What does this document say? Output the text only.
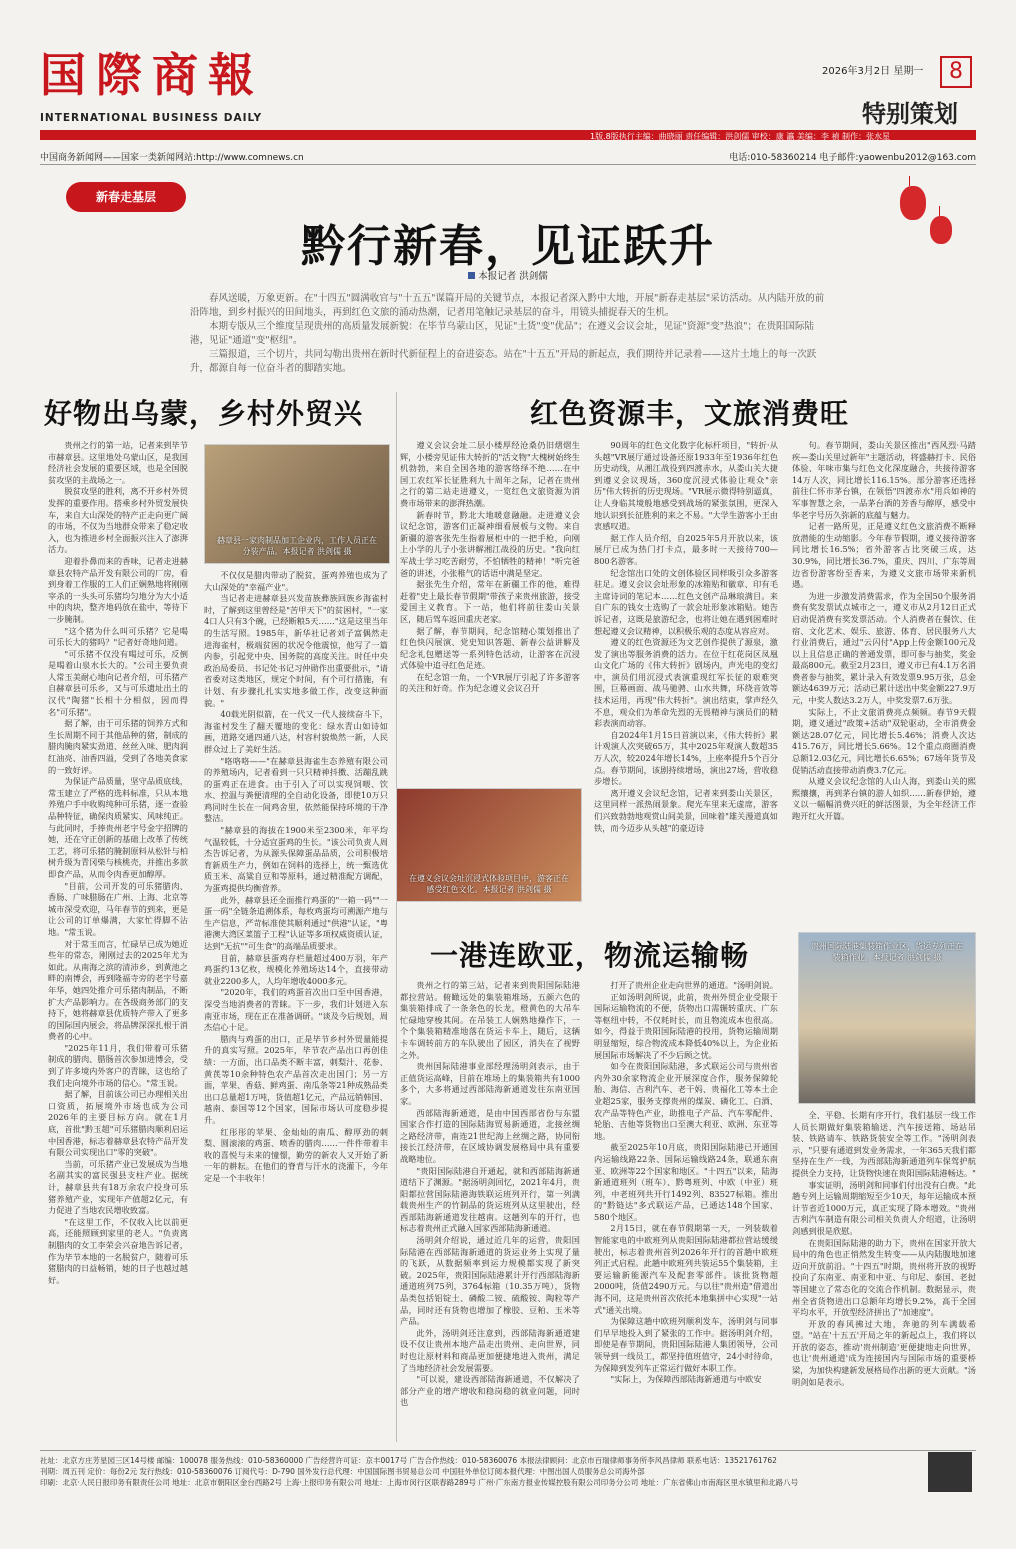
国際商報
INTERNATIONAL BUSINESS DAILY
2026年3月2日 星期一	8
特别策划
1版.8版执行主编：曲晓丽 责任编辑：洪剑儒 审校：康 瀛 美编：李 禎 制作：张水星
中国商务新闻网——国家一类新闻网站:http://www.comnews.cn	电话:010-58360214 电子邮件:yaowenbu2012@163.com
新春走基层
黔行新春，见证跃升
本报记者 洪剑儒

春风送暖，万象更新。在"十四五"圆满收官与"十五五"谋篇开局的关键节点，本报记者深入黔中大地，开展"新春走基层"采访活动。从内陆开放的前沿阵地，到乡村振兴的田间地头，再到红色文旅的涌动热潮，记者用笔触记录基层的奋斗，用镜头捕捉春天的生机。

本期专版从三个维度呈现贵州的高质量发展新貌：在毕节乌蒙山区，见证"土货"变"优品"；在遵义会议会址，见证"资源"变"热浪"；在贵阳国际陆港，见证"通道"变"枢纽"。

三篇报道，三个切片，共同勾勒出贵州在新时代新征程上的奋进姿态。站在"十五五"开局的新起点，我们期待并记录着——这片土地上的每一次跃升，都源自每一位奋斗者的脚踏实地。

好物出乌蒙，乡村外贸兴

贵州之行的第一站，记者来到毕节市赫章县。这里地处乌蒙山区，是我国经济社会发展的重要区域，也是全国脱贫攻坚的主战场之一。

脱贫攻坚的胜利，离不开乡村外贸发挥的重要作用。搭乘乡村外贸发展快车，来自大山深处的特产正走向更广阔的市场，不仅为当地群众带来了稳定收入，也为推进乡村全面振兴注入了澎湃活力。

迎着扑鼻而来的香味，记者走进赫章县农特产品开发有限公司的厂房，看到身着工作服的工人们正娴熟地将刚刚宰杀的一头头可乐猪均匀地分为大小适中的肉块，整齐地码放在盐中，等待下一步腌制。

"这个猪为什么叫可乐猪？它是喝可乐长大的猪吗？"记者好奇地问道。

"可乐猪不仅没有喝过可乐，反倒是喝着山泉水长大的。"公司主要负责人常玉美耐心地向记者介绍，可乐猪产自赫章县可乐乡，又与可乐遗址出土的汉代"陶猪"长相十分相似，因而得名"可乐猪"。

据了解，由于可乐猪的饲养方式和生长周期不同于其他品种的猪，制成的腊肉腌肉紧实劲道、丝丝入味、肥肉润红油亮、油香四溢，受到了各地美食家的一致好评。

为保证产品质量，坚守品质底线，常玉建立了严格的选料标准，只从本地养殖户手中收购纯种可乐猪，逐一查验品种特征，确保肉质紧实、风味纯正。与此同时，手捧贵州老字号金字招牌的她，还在守正创新的基础上改革了传统工艺，将可乐猪的腌制原料从松针与柏树升级为青冈柴与核桃壳，并推出多款即食产品，从而令肉香更加醇厚。

"目前，公司开发的可乐猪腊肉、香肠、广味腊肠在广州、上海、北京等城市深受欢迎，马年春节的到来，更是让公司的订单爆满，大家忙得脚不沾地。"常玉说。

对于常玉而言，忙碌早已成为她近些年的常态，刚刚过去的2025年尤为如此。从南海之滨的清沛乡，到黄池之畔的南博会，再到隆福寺旁的老字号嘉年华，她四处推介可乐猪肉制品，不断扩大产品影响力。在各级商务部门的支持下，她将赫章县优质特产带入了更多的国际国内展会，将品牌深深扎根于消费者的心中。

"2025年11月，我们带着可乐猪制成的腊肉、腊肠首次参加进博会，受到了许多境内外客户的青睐，这也给了我们走向境外市场的信心。"常玉说。

据了解，目前该公司已办理相关出口资质，拓展境外市场也成为公司2026年的主要目标方向。就在1月底，首批"黔玉超"可乐猪腊肉顺利启运中国香港，标志着赫章县农特产品开发有限公司实现出口"零的突破"。

当前，可乐猪产业已发展成为当地名副其实的富民强县支柱产业。据统计，赫章县共有18万余农户投身可乐猪养殖产业，实现年产值超2亿元，有力促进了当地农民增收致富。

"在这里工作，不仅收入比以前更高，还能照顾到家里的老人。"负责离制腊肉的女工李荣会兴奋地告诉记者，作为毕节本地的一名脱贫户，随着可乐猪腊肉的日益畅销，她的日子也越过越好。

赫章县一家肉制品加工企业内，工作人员正在分装产品。本报记者 洪剑儒 摄

不仅仅是腊肉带动了脱贫，蛋鸡养殖也成为了大山深处的"幸福产业"。

当记者走进赫章县兴发苗族彝族回族乡海雀村时，了解到这里曾经是"苦甲天下"的贫困村，"一家4口人只有3个碗，已经断粮5天……"这是这里当年的生活写照。1985年，新华社记者刘子富偶然走进海雀村，极端贫困的状况令他震惊，他写了一篇内参，引起党中央、国务院的高度关注。时任中央政治局委员、书记处书记习仲勋作出重要批示，"请省委对这类地区，规定个时间，有个可行措施，有计划、有步骤扎扎实实地多做工作，改变这种面貌。"

40载光阴似箭，在一代又一代人接续奋斗下，海雀村发生了翻天覆地的变化：绿水青山如诗如画，道路交通四通八达，村容村貌焕然一新，人民群众过上了美好生活。

"咯咯咯——"在赫章县海雀生态养殖有限公司的养殖场内，记者看到一只只精神抖擞、活蹦乱跳的蛋鸡正在进食。由于引入了可以实现饲喂、饮水、控温与粪便清理的全自动化设备，即使10万只鸡同时生长在一间鸡舍里，依然能保持环境的干净整洁。

"赫章县的海拔在1900米至2300米，年平均气温较低，十分适宜蛋鸡的生长。"该公司负责人周杰告诉记者，为从源头保障蛋品品质，公司积极培育新质生产力，例如在饲料的选择上，统一甄选优质玉米、高粱自豆和等原料，通过精准配方调配，为蛋鸡提供均衡营养。

此外，赫章县还全面推行鸡蛋的"一箱一码""一蛋一码"全链条追溯体系，每枚鸡蛋均可溯源产地与生产信息，严苛标准使其顺利通过"供港"认证，"粤港澳大湾区菜篮子工程"认证等多项权威资质认证，达到"无抗""可生食"的高端品质要求。

目前，赫章县蛋鸡存栏量超过400万羽，年产鸡蛋约13亿枚，规模化养殖场达14个，直接带动就业2200多人，人均年增收4000多元。

"2020年，我们的鸡蛋首次出口至中国香港，深受当地消费者的青睐。下一步，我们计划进入东南亚市场，现在正在准备调研。"谈及今后规划，周杰信心十足。

腊肉与鸡蛋的出口，正是毕节乡村外贸量能提升的真实写照。2025年，毕节农产品出口再创佳绩：一方面，出口品类不断丰富，刺梨汁、花参、黄芪等10余种特色农产品首次走出国门；另一方面，苹果、香菇、鲜鸡蛋、南瓜条等21种成熟品类出口总量超1万吨，货值超1亿元，产品远销韩国、越南、泰国等12个国家，国际市场认可度稳步提升。

红彤彤的苹果、金灿灿的南瓜、醇厚劲的刺梨、圆滚滚的鸡蛋、喷香的腊肉……一件件带着丰收的喜悦与未来的憧憬，勤劳的新农人又开始了新一年的耕耘。在他们的脊背与汗水的浇灌下，今年定是一个丰收年！

红色资源丰，文旅消费旺

遵义会议会址二层小楼厚经沧桑仍旧熠熠生辉，小楼旁见证伟大转折的"活文物"大槐树始终生机勃勃，来自全国各地的游客络绎不绝……在中国工农红军长征胜利九十周年之际，记者在贵州之行的第二站走进遵义，一览红色文旅资源为消费市场带来的澎湃热潮。

新春时节，黔北大地暖意融融。走进遵义会议纪念馆，游客们正凝神细看展板与文物。来自新疆的游客张先生指着展柜中的一把手枪，向刚上小学的儿子小张讲解湘江战役的历史。"我向红军战士学习吃苦耐劳，不怕牺牲的精神！"听完爸爸的讲述，小张稚气的话语中满是坚定。

据张先生介绍，常年在新疆工作的他，难得赶着"史上最长春节假期"带孩子来贵州旅游，接受爱国主义教育。下一站，他们将前往娄山关景区，随后驾车返回重庆老家。

据了解，春节期间，纪念馆精心策划推出了红色快闪展演、党史知识答题、新春公益讲解及纪念礼包赠送等一系列特色活动，让游客在沉浸式体验中追寻红色足迹。

在纪念馆一角，一个VR展厅引起了许多游客的关注和好奇。作为纪念遵义会议召开

在遵义会议会址沉浸式体验项目中，游客正在感受红色文化。本报记者 洪剑儒 摄

90周年的红色文化数字化标杆项目，"转折·从头越"VR展厅通过设备还原1933年至1936年红色历史动线，从湘江战役到四渡赤水，从娄山关大捷到遵义会议现场，360度沉浸式体验让观众"亲历"伟大转折的历史现场。"VR展示微得特别逼真，让人身临其境般地感受到战场的紧张氛围，更深入地认识到长征胜利的来之不易。"大学生游客小王由衷感叹道。

据工作人员介绍，自2025年5月开放以来，该展厅已成为热门打卡点，最多时一天接待700—800名游客。

纪念馆出口处的文创体验区同样吸引众多游客驻足。遵义会议会址形象的冰箱贴和徽章、印有毛主席诗词的笔记本……红色文创产品琳琅满目。来自广东的钱女士选购了一款会址形象冰箱贴。她告诉记者，这既是旅游纪念，也将让她在遇到困难时想起遵义会议精神，以积极乐观的态度从容应对。

遵义的红色资源还为文艺创作提供了源泉，激发了演出等服务消费的活力。在位于红花岗区凤凰山文化广场的《伟大转折》剧场内，声光电的变幻中，演员们用沉浸式表演重现红军长征的艰难突围，巨幕画面、战马驰骋、山水共舞，环绕音效等技术运用，再现"伟大转折"。演出结束，掌声经久不息，观众们为革命先烈的无畏精神与演员们的精彩表演而动容。

自2024年1月15日首演以来，《伟大转折》累计观演人次突破65万，其中2025年观演人数超35万人次，较2024年增长14%，上座率提升5个百分点。春节期间，该剧持续增场，演出27场，营收稳步增长。

离开遵义会议纪念馆，记者来到娄山关景区，这里同样一派热闹景象。爬光车里来无虚席，游客们兴致勃勃地观赏山间美景，回味着"雄关漫道真如铁，而今迈步从头越"的豪迈诗

句。春节期间，娄山关景区推出"西风烈·马踏疾—娄山关里过新年"主题活动，将盛赫打卡、民俗体验、年味市集与红色文化深度融合，共接待游客14万人次，同比增长116.15%。部分游客还选择前往仁怀市茅台镇，在领悟"四渡赤水"用兵如神的军事智慧之余，一品茅台酒的芳香与醇厚，感受中华老字号历久弥新的底蕴与魅力。

记者一路所见，正是遵义红色文旅消费不断释放潜能的生动缩影。今年春节假期，遵义接待游客同比增长16.5%；省外游客占比突破三成，达30.9%，同比增长36.7%，重庆、四川、广东等周边省份游客纷至香来，为遵义文旅市场带来新机遇。

为进一步激发消费需求，作为全国50个服务消费有奖发票试点城市之一，遵义市从2月12日正式启动促消费有奖发票活动。个人消费者在餐饮、住宿、文化艺术、娱乐、旅游、体育、居民服务八大行业消费后，通过"云闪付"App上传金额100元及以上且信息正确的普通发票，即可参与抽奖，奖金最高800元。截至2月23日，遵义市已有4.1万名消费者参与抽奖，累计录入有效发票9.95万张，总金额达4639万元；活动已累计送出中奖金额227.9万元，中奖人数达3.2万人，中奖发票7.6万张。

实际上，不止文旅消费亮点频频。春节9天假期，遵义通过"政策+活动"双轮驱动，全市消费金额达28.07亿元，同比增长5.46%；消费人次达415.76万，同比增长5.66%。12个重点商圈消费总额12.03亿元，同比增长6.65%；67场年货节及促销活动直接带动消费3.7亿元。

从遵义会议纪念馆的人山人海，到娄山关的熙熙攘攘，再到茅台镇的游人如织……新春伊始，遵义以一幅幅消费兴旺的鲜活图景，为全年经济工作跑开红火开篇。

一港连欧亚，物流运输畅

贵州之行的第三站，记者来到贵阳国际陆港都拉营站。俯瞰远处的集装箱堆场，五颜六色的集装箱排成了一条条色的长龙，橙黄色的大吊车忙碌地穿梭其间。在吊装工人娴熟地操作下，一个个集装箱精准地落在货运卡车上，随后，这辆卡车调转前方的车队驶出了园区，消失在了视野之外。

贵州国际陆港事业部经理汤明剑表示，由于正值货运高峰，目前在堆场上的集装箱共有1000多个，大多将通过西部陆海新通道发往东南亚国家。

西部陆海新通道，是由中国西部省份与东盟国家合作打造的国际陆海贸易新通道，北接丝绸之路经济带，南连21世纪海上丝绸之路，协同衔接长江经济带，在区域协调发展格局中具有重要战略地位。

"贵阳国际陆港自开通起，就和西部陆海新通道结下了渊源。"据汤明剑回忆，2021年4月，贵阳都拉营国际陆港海铁联运班列开行，第一列满载贵州生产的竹制品的货运班列从这里驶出，经西部陆海新通道发往越南。这趟列车的开行，也标志着贵州正式融入国家西部陆海新通道。

汤明剑介绍说，通过近几年的运营，贵阳国际陆港在西部陆海新通道的货运业务上实现了量的飞跃，从数据频率到运力规模都实现了新突破。2025年，贵阳国际陆港累计开行西部陆海新通道班列75列，3764标箱（10.35万吨），货物品类包括铝锭土、磷酸二铵、硫酸铵、陶粒等产品，同时还有货物也增加了橡胶、豆粕、玉米等产品。

此外，汤明剑还注意到，西部陆海新通道建设不仅让贵州本地产品走出贵州、走向世界，同时也让原材料和商品更加便捷地进入贵州，满足了当地经济社会发展需要。

"可以说，建设西部陆海新通道，不仅解决了部分产业的增产增收和稳岗稳的就业问题，同时也

打开了贵州企业走向世界的通道。"汤明剑说。

正如汤明剑所说，此前，贵州外贸企业受限于国际运输物流的不便，货物出口需辗转重庆、广东等枢纽中转，不仅耗时长，而且物流成本也很高。如今，得益于贵阳国际陆港的投用，货物运输周期明显缩短，综合物流成本降低40%以上，为企业拓展国际市场解决了不少后顾之忧。

如今在贵阳国际陆港，多式联运公司与贵州省内外30余家物流企业开展深度合作，服务保障轮胎、海信、吉利汽车、老干妈、贵福化工等本土企业超25家，服务支撑贵州的煤炭、磷化工、白酒、农产品等特色产业，助推电子产品、汽车零配件、轮胎、吉他等货物出口至澳大利亚、欧洲、东亚等地。

截至2025年10月底，贵阳国际陆港已开通国内运输线路22条、国际运输线路24条，联通东南亚、欧洲等22个国家和地区。"十四五"以来，陆海新通道班列（班车）、黔粤班列、中欧（中亚）班列，中老班列共开行1492列、83527标箱。推出的"黔链达"多式联运产品，已通达148个国家、580个地区。

2月15日，就在春节假期第一天，一列装载着智能家电的中欧班列从贵阳国际陆港都拉营站缓缓驶出，标志着贵州首列2026年开行的首趟中欧班列正式启程。此趟中欧班列共装运55个集装箱，主要运输新能源汽车及配套零部件。该批货物超2000吨，货值2490万元。与以往"贵州造"借道出海不同，这是贵州首次依托本地集拼中心实现"一站式"通关出境。

为保障这趟中欧班列顺利发车，汤明剑与同事们早早地投入到了紧张的工作中。据汤明剑介绍，即使是春节期间，贵阳国际陆港人集团领导，公司领导到一线员工，都坚持值班值守，24小时待命，为保障到发列车正常运行做好本职工作。

"实际上，为保障西部陆海新通道与中欧安

贵州国际陆港集装箱作业区，货运专列正在装箱作业。本报记者 洪剑儒 摄

全、平稳、长期有序开行，我们基层一线工作人员长期做好集装箱输送、汽车接送箱、场站吊装、铁路请车、铁路货装安全等工作。"汤明剑表示，"只要有通道到发业务需求，一年365天我们都坚持在生产一线，为西部陆海新通道列车保驾护航提供全力支持，让货物快速在贵阳国际陆港畅达。"

事实证明，汤明剑和同事们付出没有白费。"此趟专列上运输周期缩短至少10天，每年运输成本预计节省近1000万元，真正实现了降本增效。"贵州吉利汽车制造有限公司相关负责人介绍道，让汤明剑感到很是欣慰。

在贵阳国际陆港的助力下，贵州在国家开放大局中的角色也正悄然发生转变——从内陆腹地加速迈向开放前沿。"十四五"时期，贵州将开放的视野投向了东南亚、南亚和中亚、与印尼、泰国、老挝等国建立了常态化的交流合作机制。数据显示，贵州全省货物进出口总额年均增长9.2%，高于全国平均水平，开放型经济拼出了"加速度"。

开放的春风拂过大地，奔驰的列车满载希望。"站在'十五五'开局之年的新起点上，我们将以开放的姿态，推动'贵州制造'更便捷地走向世界，也让'贵州通道'成为连接国内与国际市场的重要桥梁，为加快构建新发展格局作出新的更大贡献。"汤明剑如是表示。

社址：北京方庄芳星园三区14号楼 邮编：100078 服务热线：010-58360000 广告经营许可证：京丰0017号 广告合作热线：010-58360076 本报法律顾问：北京市百瑞律师事务所李风昌律师 联系电话：13521761762
刊期：周五刊 定价：每份2元 发行热线：010-58360076 订阅代号：D-790 国外发行总代理：中国国际图书贸易总公司 中国驻外单位订阅本报代理：中图出国人员服务总公司海外部
印刷：北京·人民日报印务有限责任公司 地址：北京市朝阳区金台西路2号 上海·上报印务有限公司 地址：上海市闵行区联春路289号 广州·广东南方报业传媒控股有限公司印务分公司 地址：广东省佛山市南海区里水镇里和北路八号
